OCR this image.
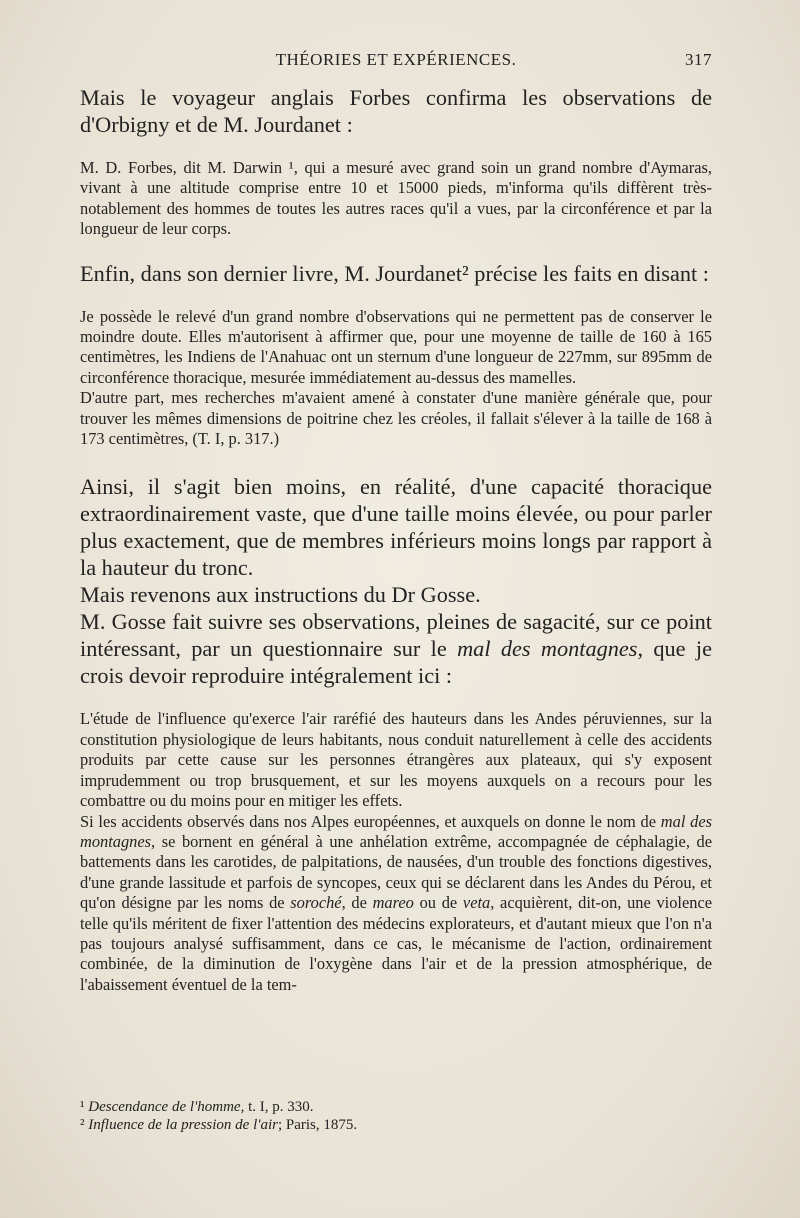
THÉORIES ET EXPÉRIENCES.	317

Mais le voyageur anglais Forbes confirma les observations de d'Orbigny et de M. Jourdanet :

M. D. Forbes, dit M. Darwin ¹, qui a mesuré avec grand soin un grand nombre d'Aymaras, vivant à une altitude comprise entre 10 et 15000 pieds, m'informa qu'ils diffèrent très-notablement des hommes de toutes les autres races qu'il a vues, par la circonférence et par la longueur de leur corps.

Enfin, dans son dernier livre, M. Jourdanet² précise les faits en disant :

Je possède le relevé d'un grand nombre d'observations qui ne permettent pas de conserver le moindre doute. Elles m'autorisent à affirmer que, pour une moyenne de taille de 160 à 165 centimètres, les Indiens de l'Anahuac ont un sternum d'une longueur de 227mm, sur 895mm de circonférence thoracique, mesurée immédiatement au-dessus des mamelles.

D'autre part, mes recherches m'avaient amené à constater d'une manière générale que, pour trouver les mêmes dimensions de poitrine chez les créoles, il fallait s'élever à la taille de 168 à 173 centimètres, (T. I, p. 317.)

Ainsi, il s'agit bien moins, en réalité, d'une capacité thoracique extraordinairement vaste, que d'une taille moins élevée, ou pour parler plus exactement, que de membres inférieurs moins longs par rapport à la hauteur du tronc.

Mais revenons aux instructions du Dr Gosse.

M. Gosse fait suivre ses observations, pleines de sagacité, sur ce point intéressant, par un questionnaire sur le mal des montagnes, que je crois devoir reproduire intégralement ici :

L'étude de l'influence qu'exerce l'air raréfié des hauteurs dans les Andes péruviennes, sur la constitution physiologique de leurs habitants, nous conduit naturellement à celle des accidents produits par cette cause sur les personnes étrangères aux plateaux, qui s'y exposent imprudemment ou trop brusquement, et sur les moyens auxquels on a recours pour les combattre ou du moins pour en mitiger les effets.

Si les accidents observés dans nos Alpes européennes, et auxquels on donne le nom de mal des montagnes, se bornent en général à une anhélation extrême, accompagnée de céphalagie, de battements dans les carotides, de palpitations, de nausées, d'un trouble des fonctions digestives, d'une grande lassitude et parfois de syncopes, ceux qui se déclarent dans les Andes du Pérou, et qu'on désigne par les noms de soroché, de mareo ou de veta, acquièrent, dit-on, une violence telle qu'ils méritent de fixer l'attention des médecins explorateurs, et d'autant mieux que l'on n'a pas toujours analysé suffisamment, dans ce cas, le mécanisme de l'action, ordinairement combinée, de la diminution de l'oxygène dans l'air et de la pression atmosphérique, de l'abaissement éventuel de la tem-

¹ Descendance de l'homme, t. I, p. 330.

² Influence de la pression de l'air; Paris, 1875.
